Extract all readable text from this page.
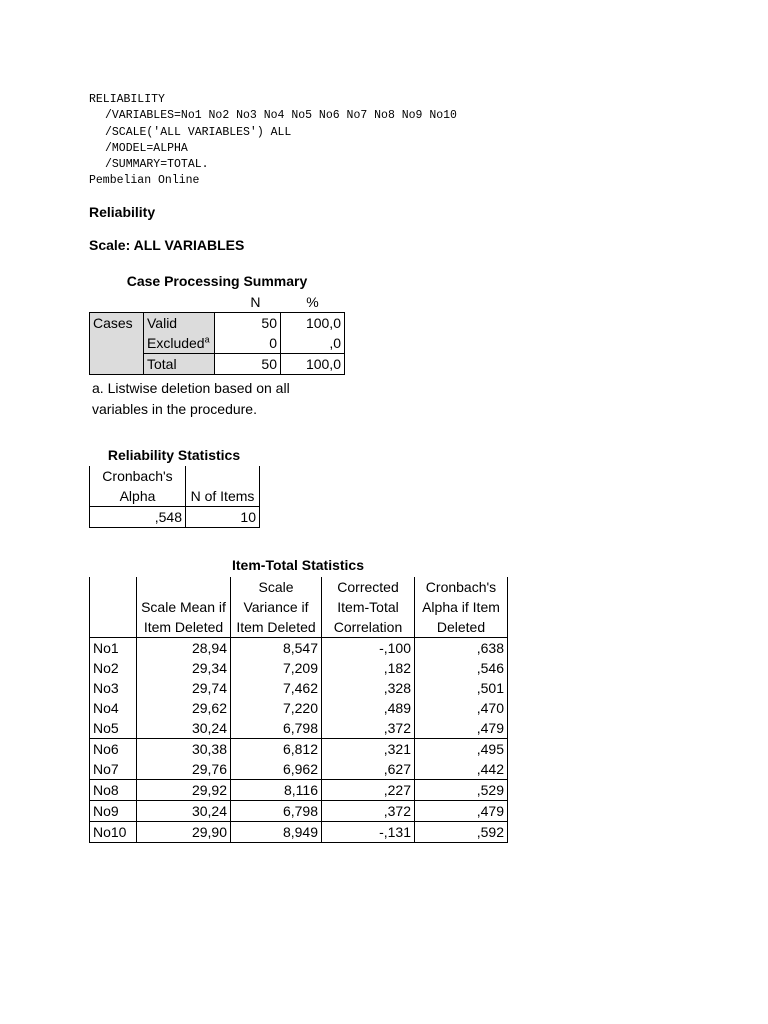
RELIABILITY
/VARIABLES=No1 No2 No3 No4 No5 No6 No7 No8 No9 No10
/SCALE('ALL VARIABLES') ALL
/MODEL=ALPHA
/SUMMARY=TOTAL.
Pembelian Online
Reliability
Scale: ALL VARIABLES
Case Processing Summary
		N	%
Cases	Valid	50	100,0
	Excluded$^a$	0	,0
	Total	50	100,0
a. Listwise deletion based on all
variables in the procedure.
Reliability Statistics
Cronbach's	
Alpha	N of Items
,548	10
Item-Total Statistics
		Scale	Corrected	Cronbach's
	Scale Mean if	Variance if	Item-Total	Alpha if Item
	Item Deleted	Item Deleted	Correlation	Deleted
No1	28,94	8,547	-,100	,638
No2	29,34	7,209	,182	,546
No3	29,74	7,462	,328	,501
No4	29,62	7,220	,489	,470
No5	30,24	6,798	,372	,479
No6	30,38	6,812	,321	,495
No7	29,76	6,962	,627	,442
No8	29,92	8,116	,227	,529
No9	30,24	6,798	,372	,479
No10	29,90	8,949	-,131	,592
